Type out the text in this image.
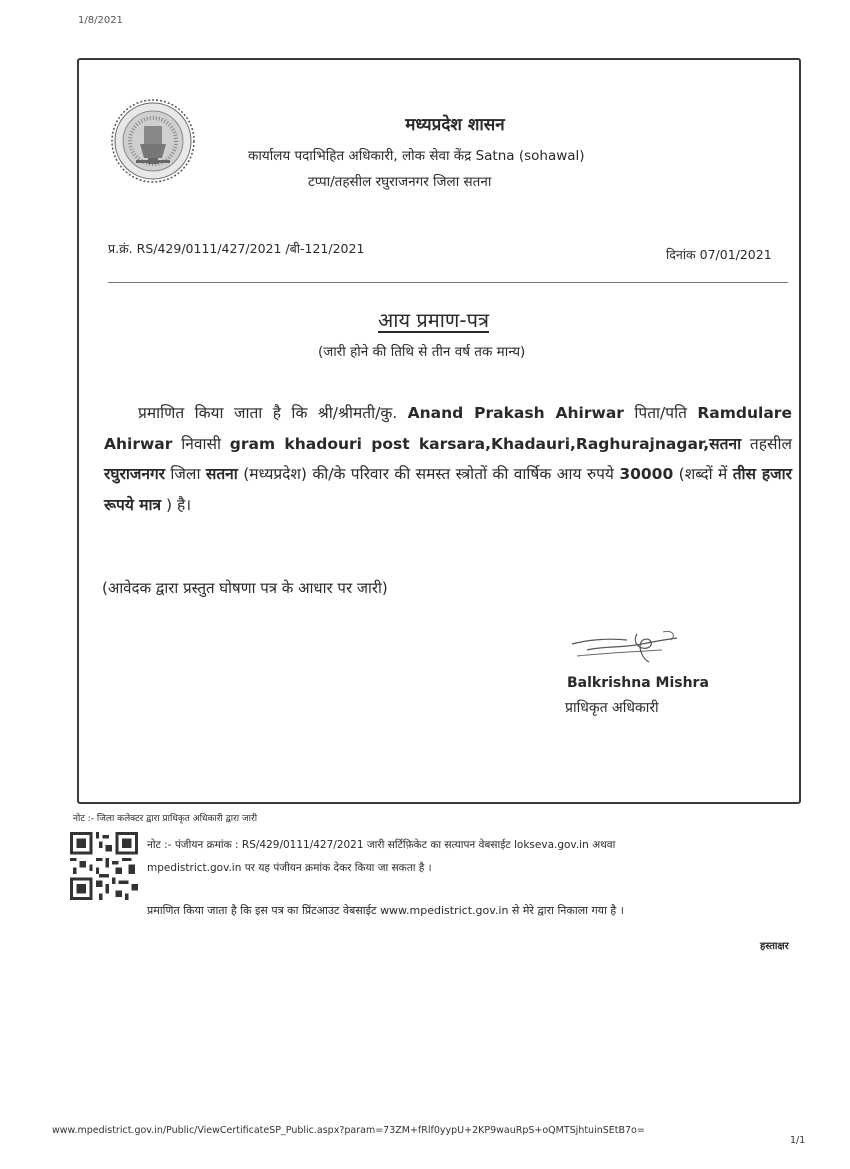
1/8/2021
मध्यप्रदेश शासन
कार्यालय पदाभिहित अधिकारी, लोक सेवा केंद्र Satna (sohawal)
टप्पा/तहसील रघुराजनगर जिला सतना
प्र.क्रं. RS/429/0111/427/2021 /बी-121/2021	दिनांक 07/01/2021
आय प्रमाण-पत्र
(जारी होने की तिथि से तीन वर्ष तक मान्य)
प्रमाणित किया जाता है कि श्री/श्रीमती/कु. Anand Prakash Ahirwar पिता/पति Ramdulare Ahirwar निवासी gram khadouri post karsara,Khadauri,Raghurajnagar,सतना तहसील रघुराजनगर जिला सतना (मध्यप्रदेश) की/के परिवार की समस्त स्त्रोतों की वार्षिक आय रुपये 30000 (शब्दों में तीस हजार रूपये मात्र ) है।
(आवेदक द्वारा प्रस्तुत घोषणा पत्र के आधार पर जारी)
Balkrishna Mishra
प्राधिकृत अधिकारी
नोट :- जिला कलेक्टर द्वारा प्राधिकृत अधिकारी द्वारा जारी
नोट :- पंजीयन क्रमांक : RS/429/0111/427/2021 जारी सर्टिफ़िकेट का सत्यापन वेबसाईट lokseva.gov.in अथवा
mpedistrict.gov.in पर यह पंजीयन क्रमांक देकर किया जा सकता है ।
प्रमाणित किया जाता है कि इस पत्र का प्रिंटआउट वेबसाईट www.mpedistrict.gov.in से मेरे द्वारा निकाला गया है ।
हस्ताक्षर
www.mpedistrict.gov.in/Public/ViewCertificateSP_Public.aspx?param=73ZM+fRlf0yypU+2KP9wauRpS+oQMTSjhtuinSEtB7o=
1/1
